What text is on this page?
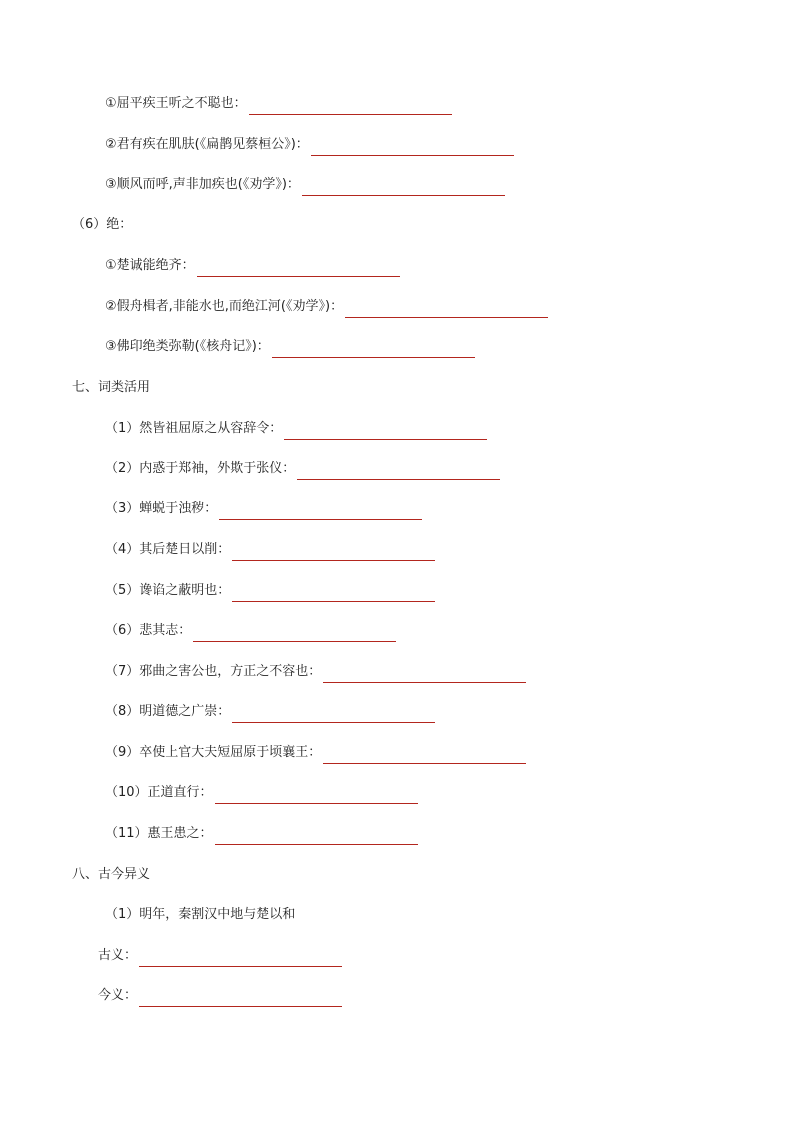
①屈平疾王听之不聪也：
②君有疾在肌肤(《扁鹊见蔡桓公》)：
③顺风而呼,声非加疾也(《劝学》)：
（6）绝：
①楚诚能绝齐：
②假舟楫者,非能水也,而绝江河(《劝学》)：
③佛印绝类弥勒(《核舟记》)：
七、词类活用
（1）然皆祖屈原之从容辞令：
（2）内惑于郑袖，外欺于张仪：
（3）蝉蜕于浊秽：
（4）其后楚日以削：
（5）谗谄之蔽明也：
（6）悲其志：
（7）邪曲之害公也，方正之不容也：
（8）明道德之广崇：
（9）卒使上官大夫短屈原于顷襄王：
（10）正道直行：
（11）惠王患之：
八、古今异义
（1）明年，秦割汉中地与楚以和
古义：
今义：
